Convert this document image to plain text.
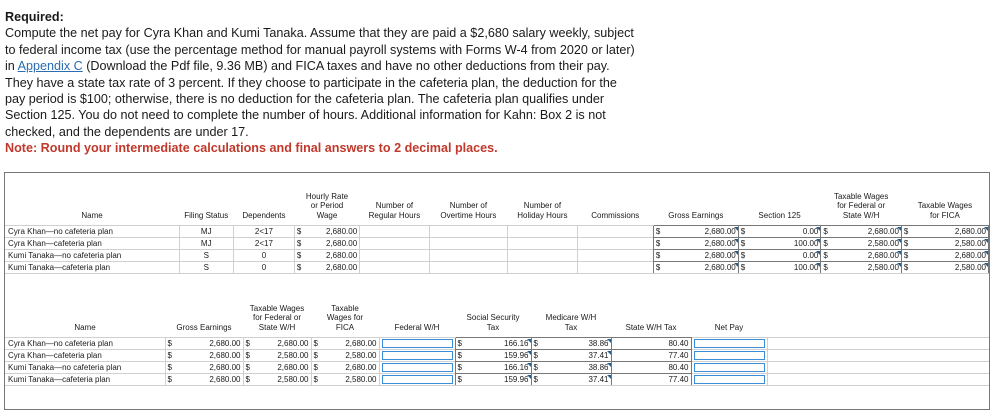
Required:
Compute the net pay for Cyra Khan and Kumi Tanaka. Assume that they are paid a $2,680 salary weekly, subject
to federal income tax (use the percentage method for manual payroll systems with Forms W-4 from 2020 or later)
in Appendix C (Download the Pdf file, 9.36 MB) and FICA taxes and have no other deductions from their pay.
They have a state tax rate of 3 percent. If they choose to participate in the cafeteria plan, the deduction for the
pay period is $100; otherwise, there is no deduction for the cafeteria plan. The cafeteria plan qualifies under
Section 125. You do not need to complete the number of hours. Additional information for Kahn: Box 2 is not
checked, and the dependents are under 17.
Note: Round your intermediate calculations and final answers to 2 decimal places.
Name	Filing Status	Dependents	Hourly Rate
or Period
Wage	Number of
Regular Hours	Number of
Overtime Hours	Number of
Holiday Hours	Commissions	Gross Earnings	Section 125	Taxable Wages
for Federal or
State W/H	Taxable Wages
for FICA
Cyra Khan—no cafeteria plan	MJ	2<17	$ 2,680.00					$ 2,680.00	$ 0.00	$ 2,680.00	$ 2,680.00

Cyra Khan—cafeteria plan	MJ	2<17	$ 2,680.00					$ 2,680.00	$ 100.00	$ 2,580.00	$ 2,580.00

Kumi Tanaka—no cafeteria plan	S	0	$ 2,680.00					$ 2,680.00	$ 0.00	$ 2,680.00	$ 2,680.00

Kumi Tanaka—cafeteria plan	S	0	$ 2,680.00					$ 2,680.00	$ 100.00	$ 2,580.00	$ 2,580.00
Name	Gross Earnings	Taxable Wages
for Federal or
State W/H	Taxable
Wages for
FICA	Federal W/H	Social Security
Tax	Medicare W/H
Tax	State W/H Tax	Net Pay	
Cyra Khan—no cafeteria plan	$ 2,680.00	$ 2,680.00	$ 2,680.00		$ 166.16	$ 38.86	80.40	

Cyra Khan—cafeteria plan	$ 2,680.00	$ 2,580.00	$ 2,580.00		$ 159.96	$ 37.41	77.40	

Kumi Tanaka—no cafeteria plan	$ 2,680.00	$ 2,680.00	$ 2,680.00		$ 166.16	$ 38.86	80.40	

Kumi Tanaka—cafeteria plan	$ 2,680.00	$ 2,580.00	$ 2,580.00		$ 159.96	$ 37.41	77.40	
